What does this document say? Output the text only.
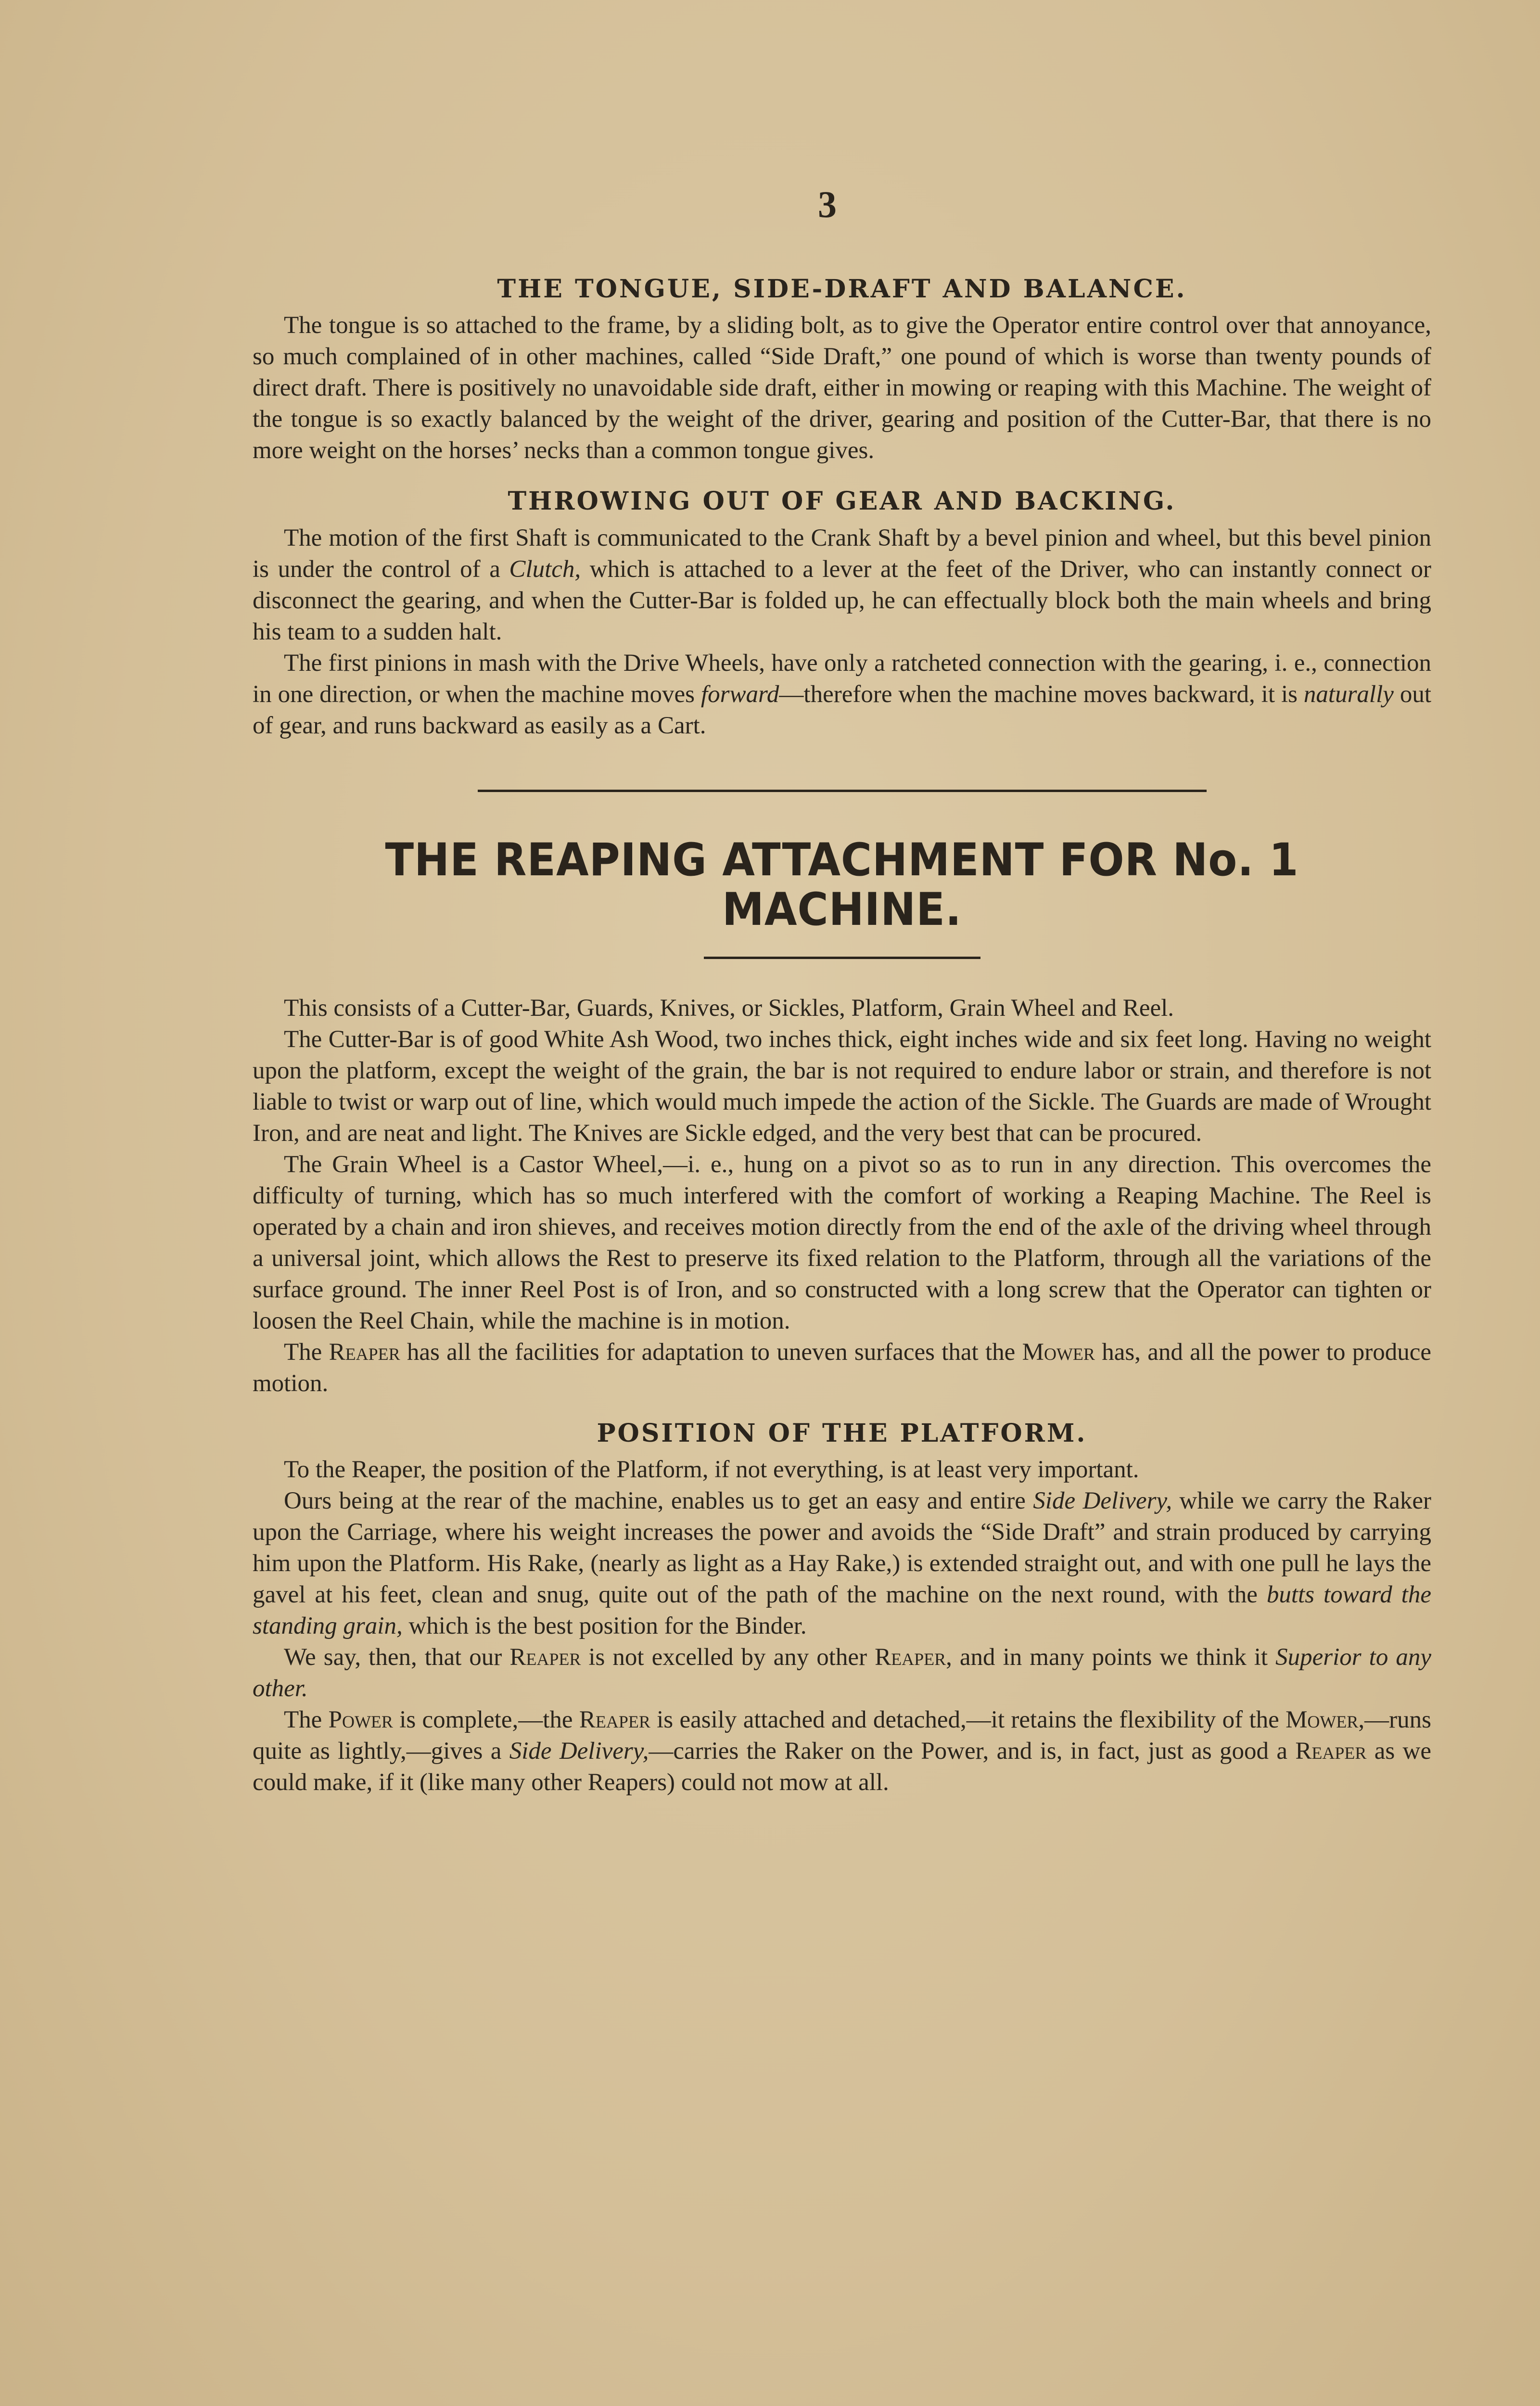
3
THE TONGUE, SIDE-DRAFT AND BALANCE.

The tongue is so attached to the frame, by a sliding bolt, as to give the Operator entire control over that annoyance, so much complained of in other machines, called “Side Draft,” one pound of which is worse than twenty pounds of direct draft. There is positively no unavoidable side draft, either in mowing or reaping with this Machine. The weight of the tongue is so exactly balanced by the weight of the driver, gearing and position of the Cutter-Bar, that there is no more weight on the horses’ necks than a common tongue gives.

THROWING OUT OF GEAR AND BACKING.

The motion of the first Shaft is communicated to the Crank Shaft by a bevel pinion and wheel, but this bevel pinion is under the control of a Clutch, which is attached to a lever at the feet of the Driver, who can instantly connect or disconnect the gearing, and when the Cutter-Bar is folded up, he can effectually block both the main wheels and bring his team to a sudden halt.

The first pinions in mash with the Drive Wheels, have only a ratcheted connection with the gearing, i. e., connection in one direction, or when the machine moves forward—therefore when the machine moves backward, it is naturally out of gear, and runs backward as easily as a Cart.

THE REAPING ATTACHMENT FOR No. 1 MACHINE.

This consists of a Cutter-Bar, Guards, Knives, or Sickles, Platform, Grain Wheel and Reel.

The Cutter-Bar is of good White Ash Wood, two inches thick, eight inches wide and six feet long. Having no weight upon the platform, except the weight of the grain, the bar is not required to endure labor or strain, and therefore is not liable to twist or warp out of line, which would much impede the action of the Sickle. The Guards are made of Wrought Iron, and are neat and light. The Knives are Sickle edged, and the very best that can be procured.

The Grain Wheel is a Castor Wheel,—i. e., hung on a pivot so as to run in any direction. This overcomes the difficulty of turning, which has so much interfered with the comfort of working a Reaping Machine. The Reel is operated by a chain and iron shieves, and receives motion directly from the end of the axle of the driving wheel through a universal joint, which allows the Rest to preserve its fixed relation to the Platform, through all the variations of the surface ground. The inner Reel Post is of Iron, and so constructed with a long screw that the Operator can tighten or loosen the Reel Chain, while the machine is in motion.

The Reaper has all the facilities for adaptation to uneven surfaces that the Mower has, and all the power to produce motion.

POSITION OF THE PLATFORM.

To the Reaper, the position of the Platform, if not everything, is at least very important.

Ours being at the rear of the machine, enables us to get an easy and entire Side Delivery, while we carry the Raker upon the Carriage, where his weight increases the power and avoids the “Side Draft” and strain produced by carrying him upon the Platform. His Rake, (nearly as light as a Hay Rake,) is extended straight out, and with one pull he lays the gavel at his feet, clean and snug, quite out of the path of the machine on the next round, with the butts toward the standing grain, which is the best position for the Binder.

We say, then, that our Reaper is not excelled by any other Reaper, and in many points we think it Superior to any other.

The Power is complete,—the Reaper is easily attached and detached,—it retains the flexibility of the Mower,—runs quite as lightly,—gives a Side Delivery,—carries the Raker on the Power, and is, in fact, just as good a Reaper as we could make, if it (like many other Reapers) could not mow at all.
